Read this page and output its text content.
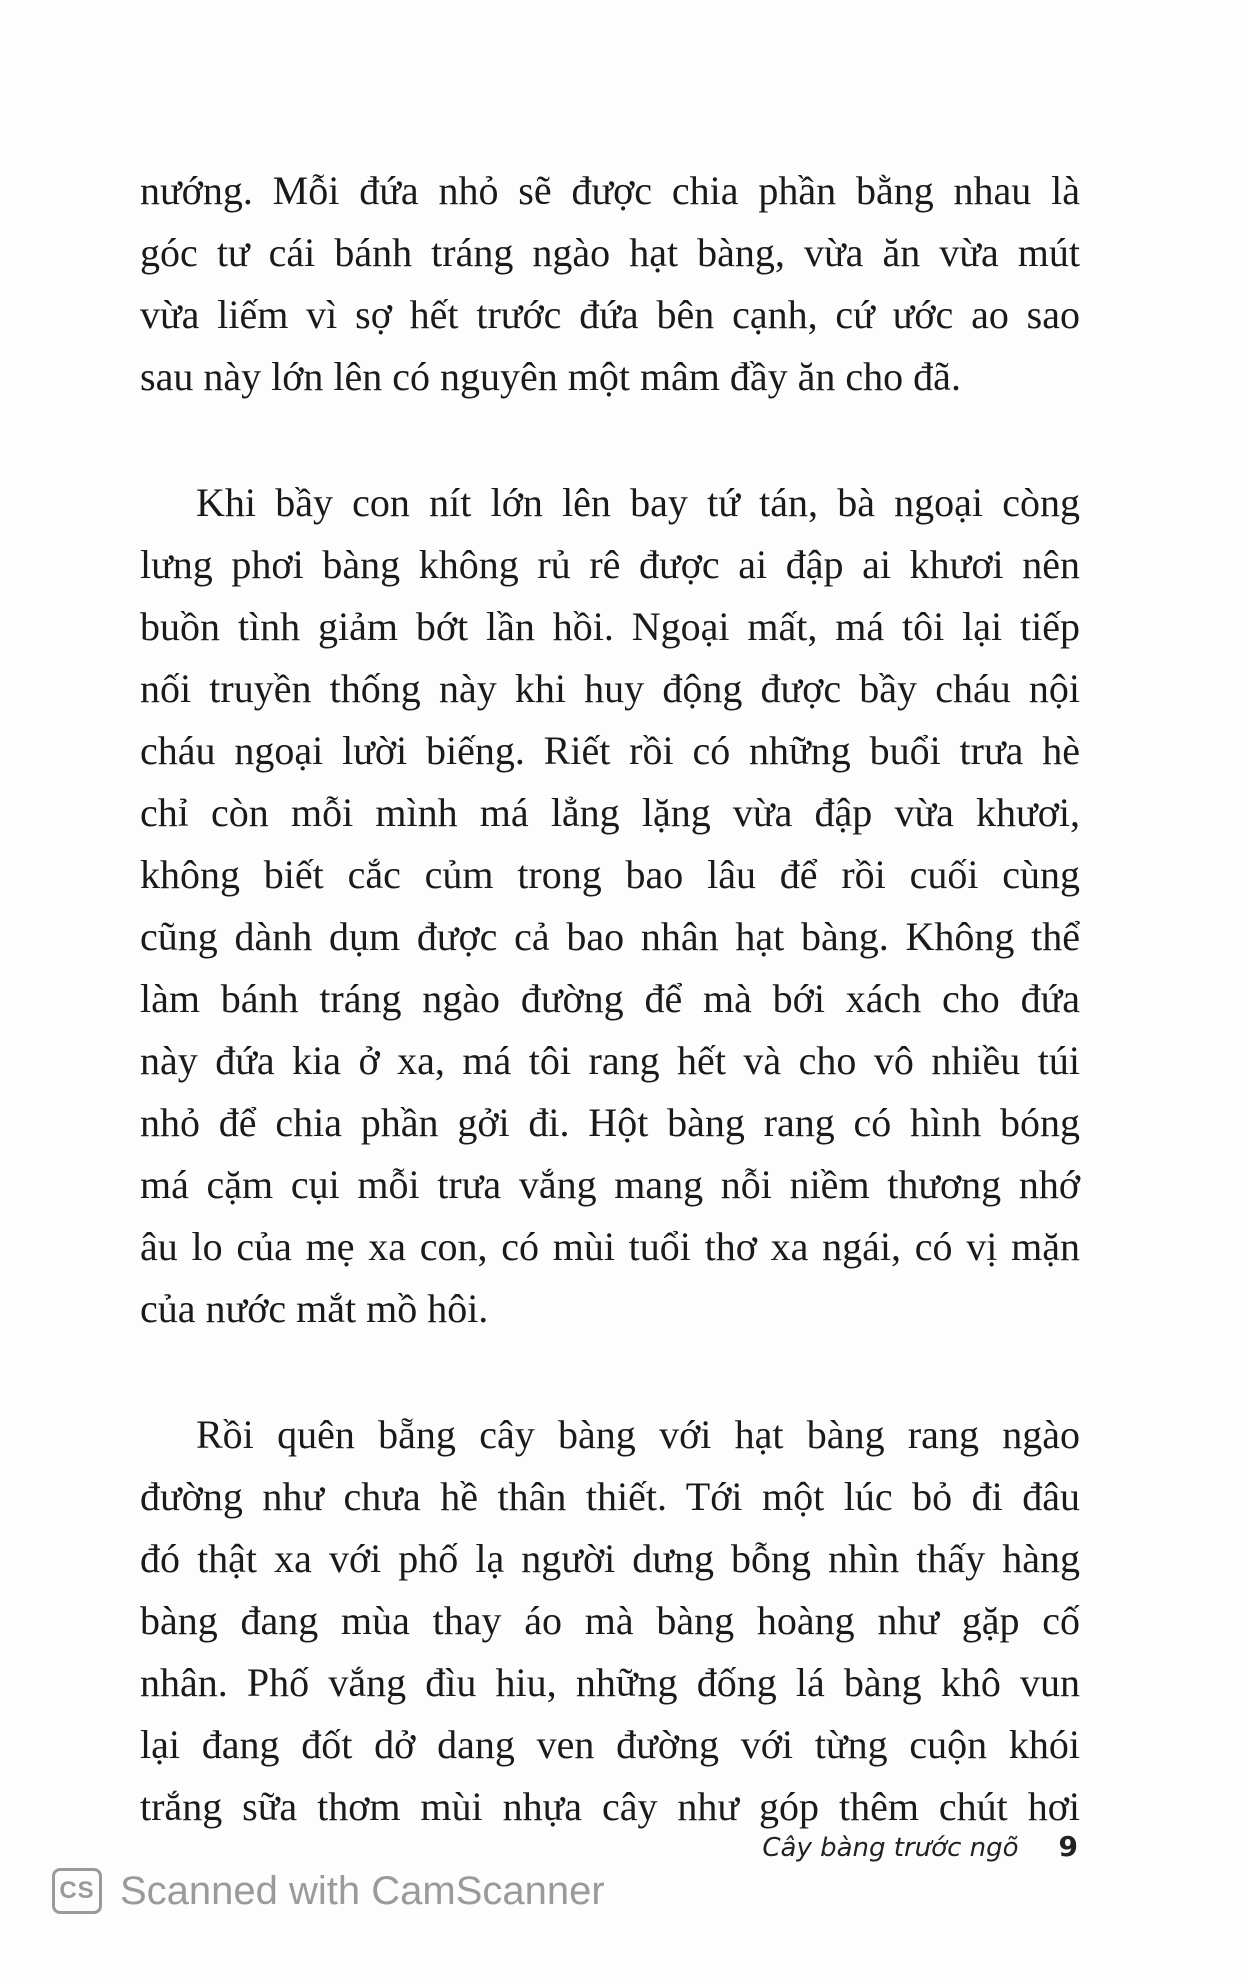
nướng. Mỗi đứa nhỏ sẽ được chia phần bằng nhau là
góc tư cái bánh tráng ngào hạt bàng, vừa ăn vừa mút
vừa liếm vì sợ hết trước đứa bên cạnh, cứ ước ao sao
sau này lớn lên có nguyên một mâm đầy ăn cho đã.
Khi bầy con nít lớn lên bay tứ tán, bà ngoại còng
lưng phơi bàng không rủ rê được ai đập ai khươi nên
buồn tình giảm bớt lần hồi. Ngoại mất, má tôi lại tiếp
nối truyền thống này khi huy động được bầy cháu nội
cháu ngoại lười biếng. Riết rồi có những buổi trưa hè
chỉ còn mỗi mình má lẳng lặng vừa đập vừa khươi,
không biết cắc củm trong bao lâu để rồi cuối cùng
cũng dành dụm được cả bao nhân hạt bàng. Không thể
làm bánh tráng ngào đường để mà bới xách cho đứa
này đứa kia ở xa, má tôi rang hết và cho vô nhiều túi
nhỏ để chia phần gởi đi. Hột bàng rang có hình bóng
má cặm cụi mỗi trưa vắng mang nỗi niềm thương nhớ
âu lo của mẹ xa con, có mùi tuổi thơ xa ngái, có vị mặn
của nước mắt mồ hôi.
Rồi quên bẵng cây bàng với hạt bàng rang ngào
đường như chưa hề thân thiết. Tới một lúc bỏ đi đâu
đó thật xa với phố lạ người dưng bỗng nhìn thấy hàng
bàng đang mùa thay áo mà bàng hoàng như gặp cố
nhân. Phố vắng đìu hiu, những đống lá bàng khô vun
lại đang đốt dở dang ven đường với từng cuộn khói
trắng sữa thơm mùi nhựa cây như góp thêm chút hơi
Cây bàng trước ngõ 9
CS Scanned with CamScanner
